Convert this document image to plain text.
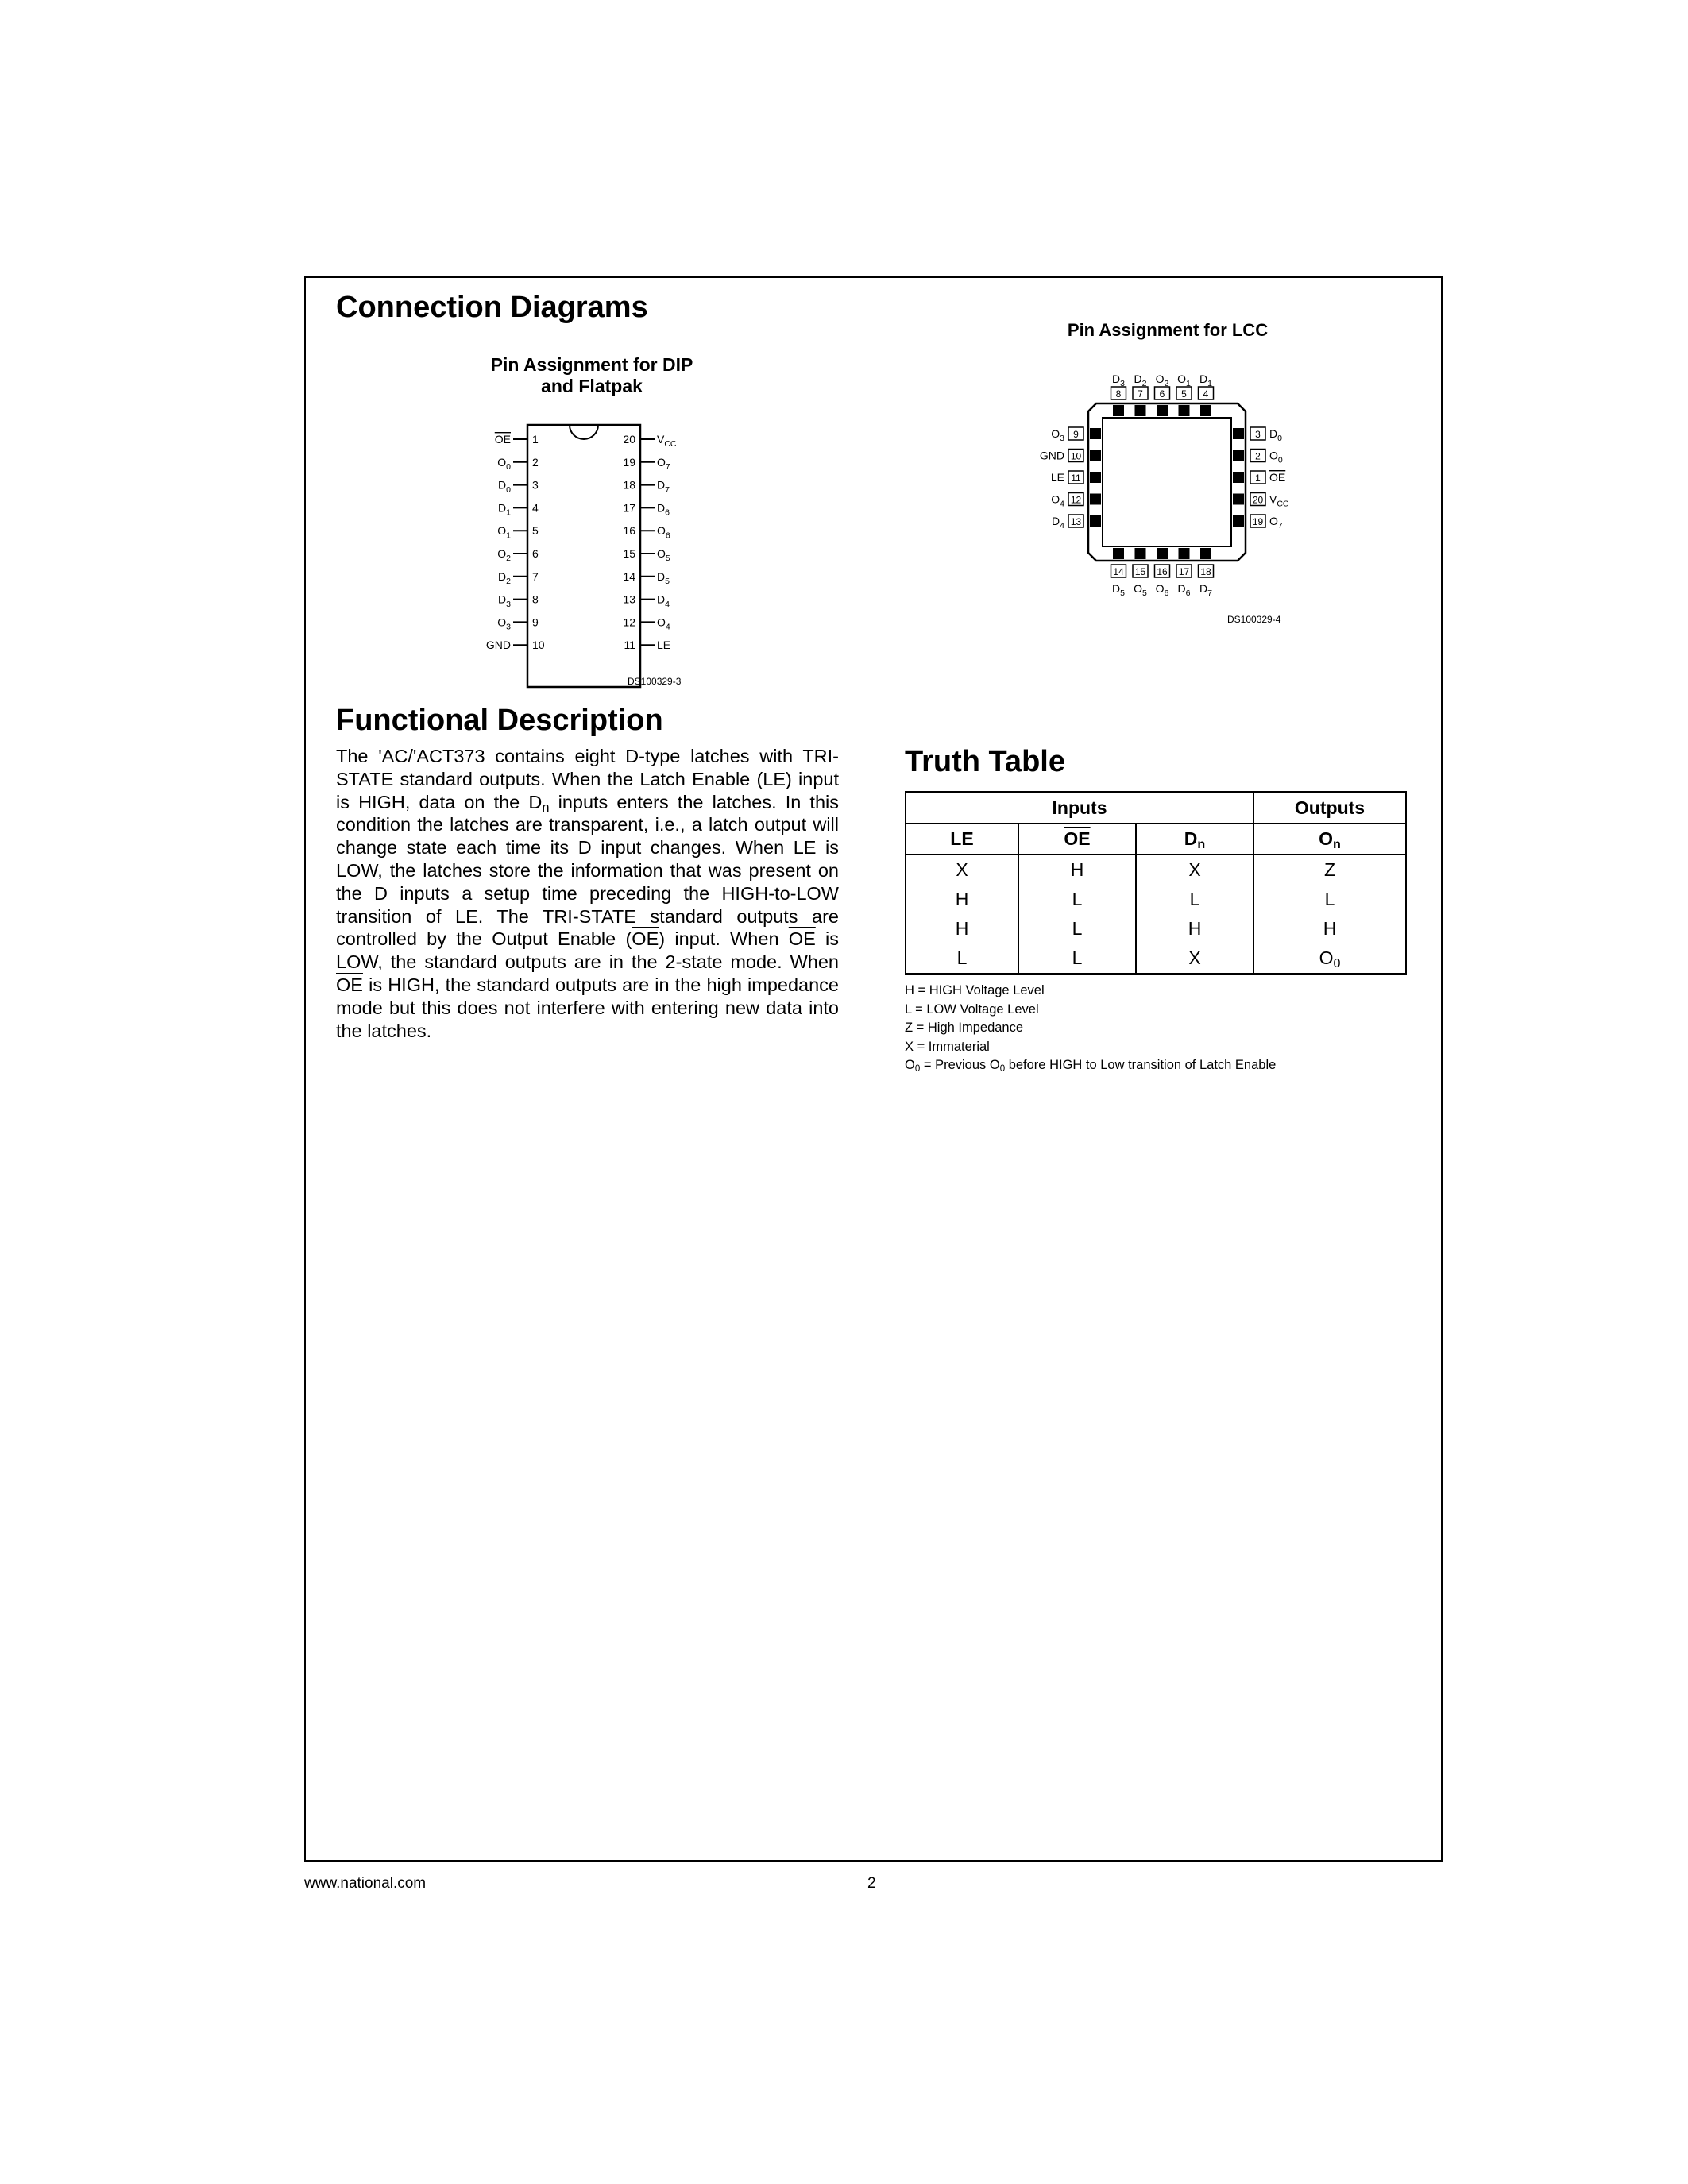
Connection Diagrams
Pin Assignment for DIP
and Flatpak
OE 1
$O_0$ 2
$D_0$ 3
$D_1$ 4
$O_1$ 5
$O_2$ 6
$D_2$ 7
$D_3$ 8
$O_3$ 9
GND 10
$V_{CC}$
20
$O_7$
19
$D_7$
18
$D_6$
17
$O_6$
16
$O_5$
15
$D_5$
14
$D_4$
13
$O_4$
12
LE
11
DS100329-3
Pin Assignment for LCC
$D_3$
8
$D_2$
7
$O_2$
6
$O_1$
5
$D_1$
4
14
$D_5$
15
$O_5$
16
$O_6$
17
$D_6$
18
$D_7$
9
$O_3$
10
GND
11
LE
12
$O_4$
13
$D_4$
3 $D_0$
2 $O_0$
1 OE
20 $V_{CC}$
19 $O_7$
DS100329-4
Functional Description

The 'AC/'ACT373 contains eight D-type latches with TRI-STATE standard outputs. When the Latch Enable (LE) input is HIGH, data on the $D_n$ inputs enters the latches. In this condition the latches are transparent, i.e., a latch output will change state each time its D input changes. When LE is LOW, the latches store the information that was present on the D inputs a setup time preceding the HIGH-to-LOW transition of LE. The TRI-STATE standard outputs are controlled by the Output Enable $(\overline{OE})$ input. When $\overline{OE}$ is LOW, the standard outputs are in the 2-state mode. When $\overline{OE}$ is HIGH, the standard outputs are in the high impedance mode but this does not interfere with entering new data into the latches.

Truth Table
Inputs			Outputs
LE	$\overline{OE}$	$D_n$	$O_n$
X	H	X	Z
H	L	L	L
H	L	H	H
L	L	X	$O_0$
H = HIGH Voltage Level
L = LOW Voltage Level
Z = High Impedance
X = Immaterial
$O_0$ = Previous $O_0$ before HIGH to Low transition of Latch Enable
www.national.com	2
